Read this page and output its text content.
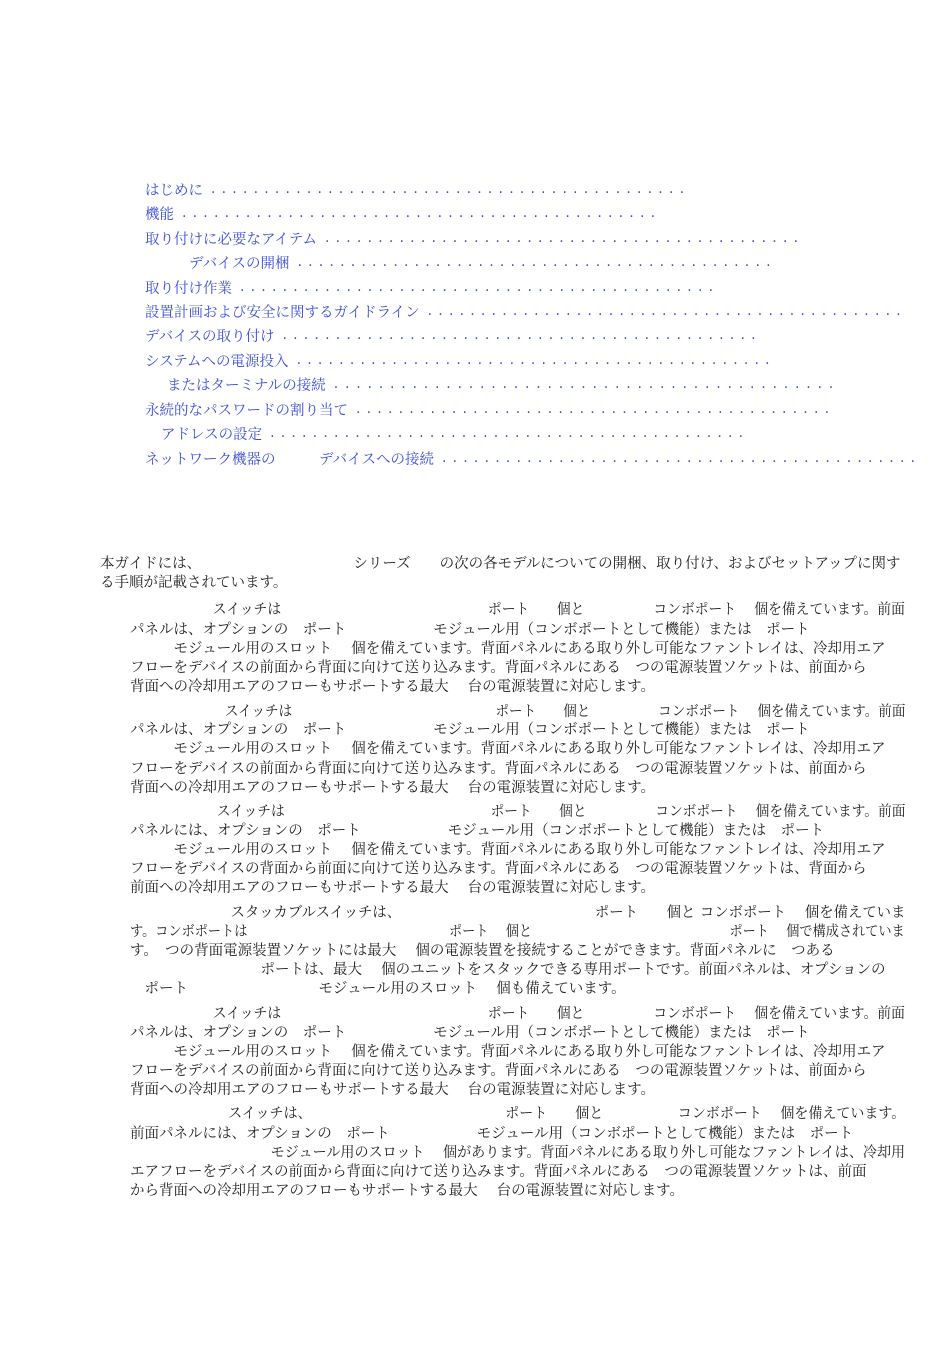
はじめに .............................................
機能 .............................................
取り付けに必要なアイテム .............................................
デバイスの開梱 .............................................
取り付け作業 .............................................
設置計画および安全に関するガイドライン .............................................
デバイスの取り付け .............................................
システムへの電源投入 .............................................
またはターミナルの接続 .............................................
永続的なパスワードの割り当て .............................................
アドレスの設定 .............................................
ネットワーク機器の　　　デバイスへの接続 .............................................
本ガイドには、　　　　　　　　　　　シリーズ　　の次の各モデルについての開梱、取り付け、およびセットアップに関す
る手順が記載されています。
　　　　　　スイッチは　　　　　　　　　　　　　　　ポート　　個と　　　　　コンボポート　 個を備えています。前面
パネルは、オプションの　ポート　　　　　　モジュール用（コンボポートとして機能）または　ポート
　　　モジュール用のスロット　 個を備えています。背面パネルにある取り外し可能なファントレイは、冷却用エア
フローをデバイスの前面から背面に向けて送り込みます。背面パネルにある　つの電源装置ソケットは、前面から
背面への冷却用エアのフローもサポートする最大　 台の電源装置に対応します。
　　　　　　　スイッチは　　　　　　　　　　　　　　　ポート　　個と　　　　　コンボポート　 個を備えています。前面
パネルは、オプションの　ポート　　　　　　モジュール用（コンボポートとして機能）または　ポート
　　　モジュール用のスロット　 個を備えています。背面パネルにある取り外し可能なファントレイは、冷却用エア
フローをデバイスの前面から背面に向けて送り込みます。背面パネルにある　つの電源装置ソケットは、前面から
背面への冷却用エアのフローもサポートする最大　 台の電源装置に対応します。
　　　　　　 スイッチは　　　　　　　　　　　　　　　ポート　　個と　　　　　コンボポート　 個を備えています。前面
パネルには、オプションの　ポート　　　　　　モジュール用（コンボポートとして機能）または　ポート
　　　モジュール用のスロット　 個を備えています。背面パネルにある取り外し可能なファントレイは、冷却用エア
フローをデバイスの背面から前面に向けて送り込みます。背面パネルにある　つの電源装置ソケットは、背面から
前面への冷却用エアのフローもサポートする最大　 台の電源装置に対応します。
　　　　　　　スタッカブルスイッチは、　　　　　　　　　　　　　　ポート　　個と コンボポート　 個を備えていま
す。コンボポートは　　　　　　　　　　　　　　　 ポート　 個と　　　　　　　　　　　　　　　ポート　 個で構成されていま
す。　つの背面電源装置ソケットには最大　 個の電源装置を接続することができます。背面パネルに　つある
　　　　　　　　　ポートは、最大　 個のユニットをスタックできる専用ポートです。前面パネルは、オプションの
　ポート　　　　　　　　　モジュール用のスロット　 個も備えています。
　　　　　　スイッチは　　　　　　　　　　　　　　　ポート　　個と　　　　　コンボポート　 個を備えています。前面
パネルは、オプションの　ポート　　　　　　モジュール用（コンボポートとして機能）または　ポート
　　　モジュール用のスロット　 個を備えています。背面パネルにある取り外し可能なファントレイは、冷却用エア
フローをデバイスの前面から背面に向けて送り込みます。背面パネルにある　つの電源装置ソケットは、前面から
背面への冷却用エアのフローもサポートする最大　 台の電源装置に対応します。
　　　　　　　スイッチは、　　　　　　　　　　　　　　 ポート　　個と　　　　　 コンボポート　 個を備えています。
前面パネルには、オプションの　ポート　　　　　　モジュール用（コンボポートとして機能）または　ポート
　　　　　　　　　　モジュール用のスロット　 個があります。背面パネルにある取り外し可能なファントレイは、冷却用
エアフローをデバイスの前面から背面に向けて送り込みます。背面パネルにある　つの電源装置ソケットは、前面
から背面への冷却用エアのフローもサポートする最大　 台の電源装置に対応します。
